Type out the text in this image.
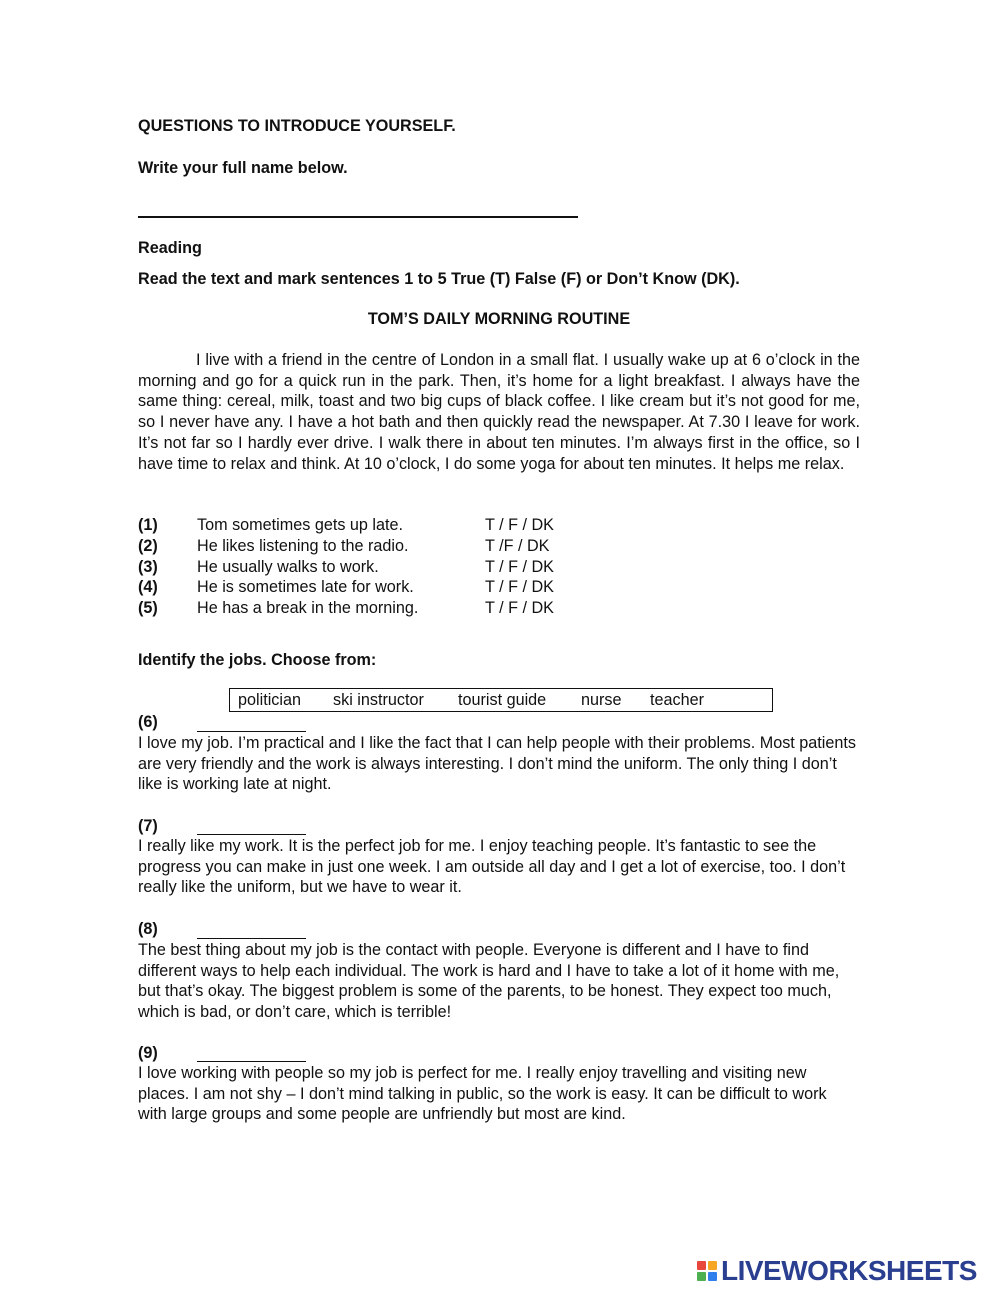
QUESTIONS TO INTRODUCE YOURSELF.
Write your full name below.
Reading
Read the text and mark sentences 1 to 5 True (T) False (F) or Don’t Know (DK).
TOM’S DAILY MORNING ROUTINE
I live with a friend in the centre of London in a small flat. I usually wake up at 6 o’clock in the morning and go for a quick run in the park. Then, it’s home for a light breakfast. I always have the same thing: cereal, milk, toast and two big cups of black coffee. I like cream but it’s not good for me, so I never have any. I have a hot bath and then quickly read the newspaper. At 7.30 I leave for work. It’s not far so I hardly ever drive. I walk there in about ten minutes. I’m always first in the office, so I have time to relax and think. At 10 o’clock, I do some yoga for about ten minutes. It helps me relax.
(1) Tom sometimes gets up late.	T / F / DK
(2) He likes listening to the radio.	T /F / DK
(3) He usually walks to work.	T / F / DK
(4) He is sometimes late for work.	T / F / DK
(5) He has a break in the morning.	T / F / DK
Identify the jobs. Choose from:
politician ski instructor tourist guide nurse teacher
(6)
I love my job. I’m practical and I like the fact that I can help people with their problems. Most patients are very friendly and the work is always interesting. I don’t mind the uniform. The only thing I don’t like is working late at night.
(7)
I really like my work. It is the perfect job for me. I enjoy teaching people. It’s fantastic to see the progress you can make in just one week. I am outside all day and I get a lot of exercise, too. I don’t really like the uniform, but we have to wear it.
(8)
The best thing about my job is the contact with people. Everyone is different and I have to find different ways to help each individual. The work is hard and I have to take a lot of it home with me, but that’s okay. The biggest problem is some of the parents, to be honest. They expect too much, which is bad, or don’t care, which is terrible!
(9)
I love working with people so my job is perfect for me. I really enjoy travelling and visiting new places. I am not shy – I don’t mind talking in public, so the work is easy. It can be difficult to work with large groups and some people are unfriendly but most are kind.
LIVEWORKSHEETS
